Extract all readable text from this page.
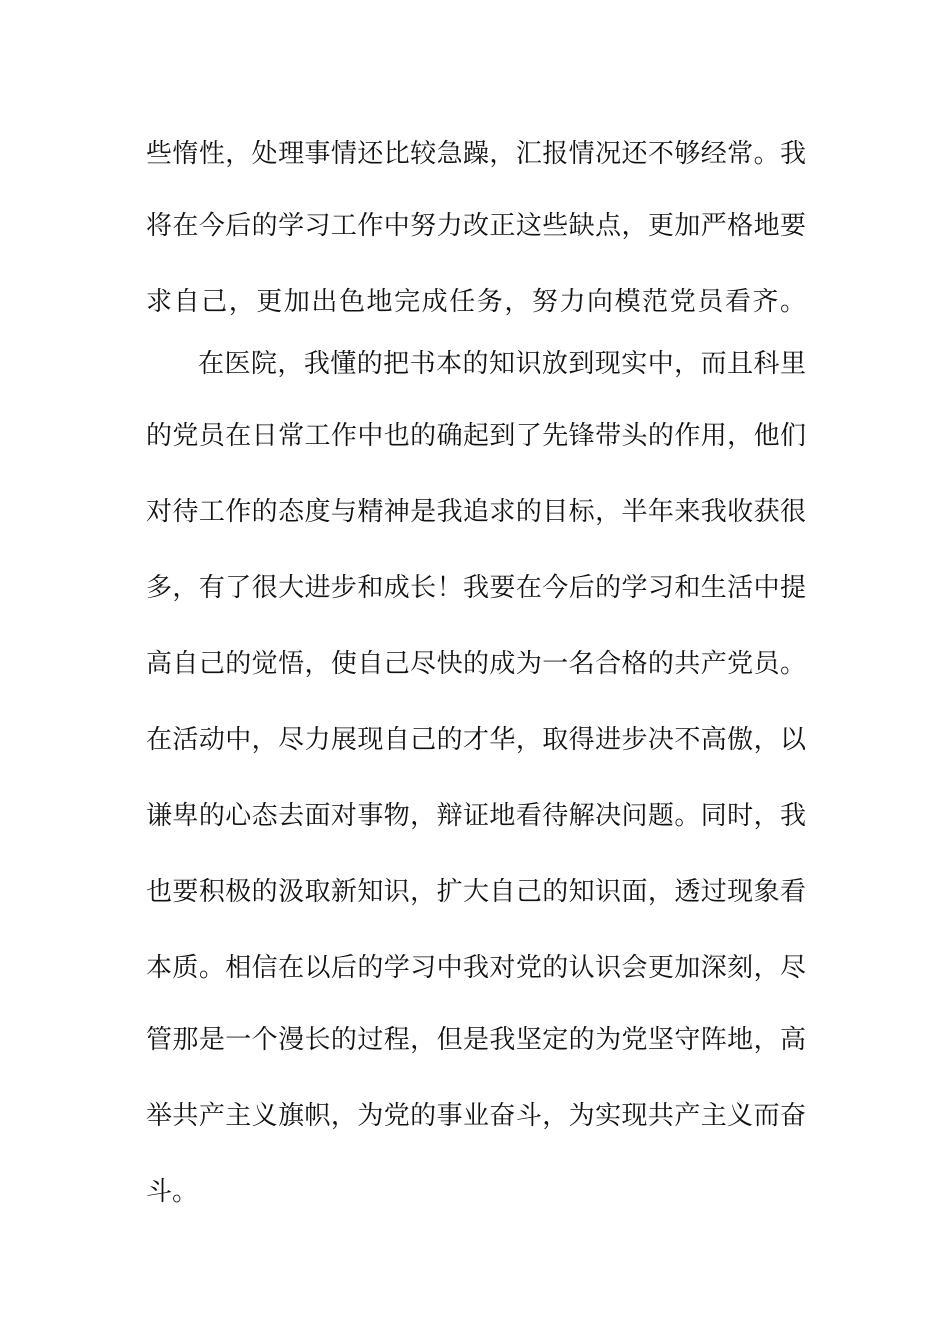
些惰性，处理事情还比较急躁，汇报情况还不够经常。我
将在今后的学习工作中努力改正这些缺点，更加严格地要
求自己，更加出色地完成任务，努力向模范党员看齐。
在医院，我懂的把书本的知识放到现实中，而且科里
的党员在日常工作中也的确起到了先锋带头的作用，他们
对待工作的态度与精神是我追求的目标，半年来我收获很
多，有了很大进步和成长！我要在今后的学习和生活中提
高自己的觉悟，使自己尽快的成为一名合格的共产党员。
在活动中，尽力展现自己的才华，取得进步决不高傲，以
谦卑的心态去面对事物，辩证地看待解决问题。同时，我
也要积极的汲取新知识，扩大自己的知识面，透过现象看
本质。相信在以后的学习中我对党的认识会更加深刻，尽
管那是一个漫长的过程，但是我坚定的为党坚守阵地，高
举共产主义旗帜，为党的事业奋斗，为实现共产主义而奋
斗。
